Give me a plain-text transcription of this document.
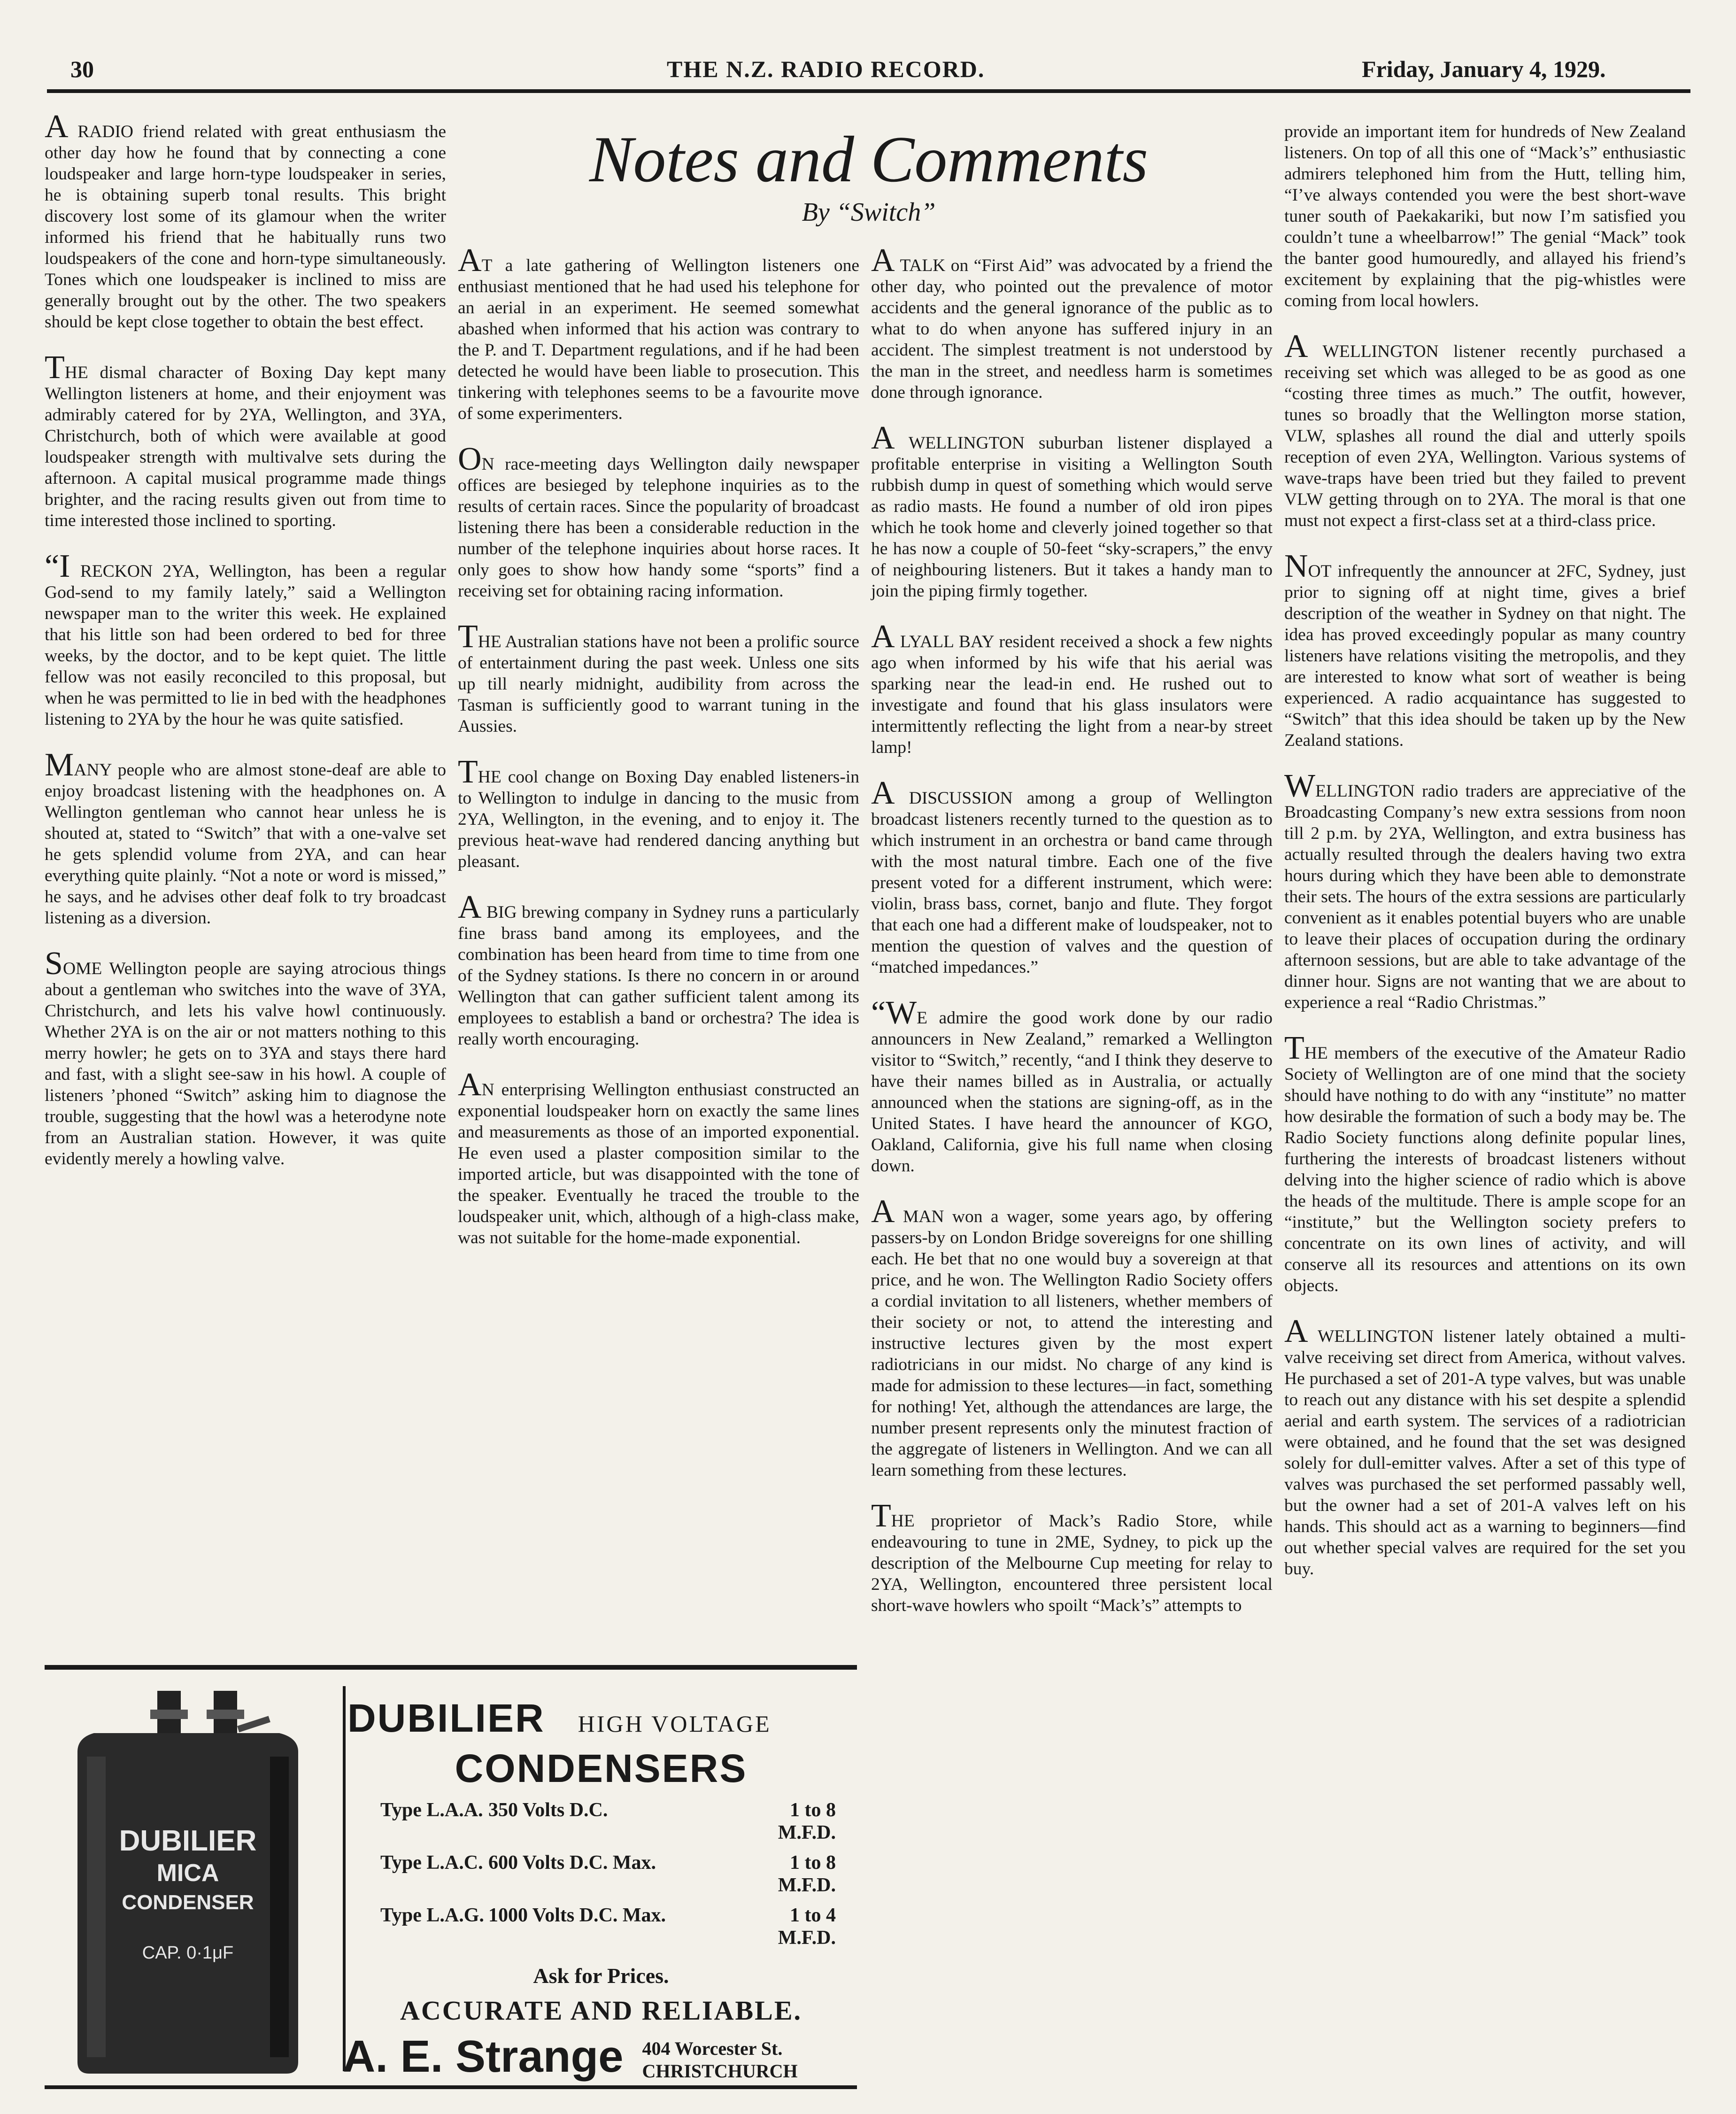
30	THE N.Z. RADIO RECORD.	Friday, January 4, 1929.
Notes and Comments
By “Switch”

A RADIO friend related with great enthusiasm the other day how he found that by connecting a cone loudspeaker and large horn-type loudspeaker in series, he is obtaining superb tonal results. This bright discovery lost some of its glamour when the writer informed his friend that he habitually runs two loudspeakers of the cone and horn-type simultaneously. Tones which one loudspeaker is inclined to miss are generally brought out by the other. The two speakers should be kept close together to obtain the best effect.

THE dismal character of Boxing Day kept many Wellington listeners at home, and their enjoyment was admirably catered for by 2YA, Wellington, and 3YA, Christchurch, both of which were available at good loudspeaker strength with multivalve sets during the afternoon. A capital musical programme made things brighter, and the racing results given out from time to time interested those inclined to sporting.

“I RECKON 2YA, Wellington, has been a regular God-send to my family lately,” said a Wellington newspaper man to the writer this week. He explained that his little son had been ordered to bed for three weeks, by the doctor, and to be kept quiet. The little fellow was not easily reconciled to this proposal, but when he was permitted to lie in bed with the headphones listening to 2YA by the hour he was quite satisfied.

MANY people who are almost stone-deaf are able to enjoy broadcast listening with the headphones on. A Wellington gentleman who cannot hear unless he is shouted at, stated to “Switch” that with a one-valve set he gets splendid volume from 2YA, and can hear everything quite plainly. “Not a note or word is missed,” he says, and he advises other deaf folk to try broadcast listening as a diversion.

SOME Wellington people are saying atrocious things about a gentleman who switches into the wave of 3YA, Christchurch, and lets his valve howl continuously. Whether 2YA is on the air or not matters nothing to this merry howler; he gets on to 3YA and stays there hard and fast, with a slight see-saw in his howl. A couple of listeners ’phoned “Switch” asking him to diagnose the trouble, suggesting that the howl was a heterodyne note from an Australian station. However, it was quite evidently merely a howling valve.

AT a late gathering of Wellington listeners one enthusiast mentioned that he had used his telephone for an aerial in an experiment. He seemed somewhat abashed when informed that his action was contrary to the P. and T. Department regulations, and if he had been detected he would have been liable to prosecution. This tinkering with telephones seems to be a favourite move of some experimenters.

ON race-meeting days Wellington daily newspaper offices are besieged by telephone inquiries as to the results of certain races. Since the popularity of broadcast listening there has been a considerable reduction in the number of the telephone inquiries about horse races. It only goes to show how handy some “sports” find a receiving set for obtaining racing information.

THE Australian stations have not been a prolific source of entertainment during the past week. Unless one sits up till nearly midnight, audibility from across the Tasman is sufficiently good to warrant tuning in the Aussies.

THE cool change on Boxing Day enabled listeners-in to Wellington to indulge in dancing to the music from 2YA, Wellington, in the evening, and to enjoy it. The previous heat-wave had rendered dancing anything but pleasant.

A BIG brewing company in Sydney runs a particularly fine brass band among its employees, and the combination has been heard from time to time from one of the Sydney stations. Is there no concern in or around Wellington that can gather sufficient talent among its employees to establish a band or orchestra? The idea is really worth encouraging.

AN enterprising Wellington enthusiast constructed an exponential loudspeaker horn on exactly the same lines and measurements as those of an imported exponential. He even used a plaster composition similar to the imported article, but was disappointed with the tone of the speaker. Eventually he traced the trouble to the loudspeaker unit, which, although of a high-class make, was not suitable for the home-made exponential.

A TALK on “First Aid” was advocated by a friend the other day, who pointed out the prevalence of motor accidents and the general ignorance of the public as to what to do when anyone has suffered injury in an accident. The simplest treatment is not understood by the man in the street, and needless harm is sometimes done through ignorance.

A WELLINGTON suburban listener displayed a profitable enterprise in visiting a Wellington South rubbish dump in quest of something which would serve as radio masts. He found a number of old iron pipes which he took home and cleverly joined together so that he has now a couple of 50-feet “sky-scrapers,” the envy of neighbouring listeners. But it takes a handy man to join the piping firmly together.

A LYALL BAY resident received a shock a few nights ago when informed by his wife that his aerial was sparking near the lead-in end. He rushed out to investigate and found that his glass insulators were intermittently reflecting the light from a near-by street lamp!

A DISCUSSION among a group of Wellington broadcast listeners recently turned to the question as to which instrument in an orchestra or band came through with the most natural timbre. Each one of the five present voted for a different instrument, which were: violin, brass bass, cornet, banjo and flute. They forgot that each one had a different make of loudspeaker, not to mention the question of valves and the question of “matched impedances.”

“WE admire the good work done by our radio announcers in New Zealand,” remarked a Wellington visitor to “Switch,” recently, “and I think they deserve to have their names billed as in Australia, or actually announced when the stations are signing-off, as in the United States. I have heard the announcer of KGO, Oakland, California, give his full name when closing down.

A MAN won a wager, some years ago, by offering passers-by on London Bridge sovereigns for one shilling each. He bet that no one would buy a sovereign at that price, and he won. The Wellington Radio Society offers a cordial invitation to all listeners, whether members of their society or not, to attend the interesting and instructive lectures given by the most expert radiotricians in our midst. No charge of any kind is made for admission to these lectures—in fact, something for nothing! Yet, although the attendances are large, the number present represents only the minutest fraction of the aggregate of listeners in Wellington. And we can all learn something from these lectures.

THE proprietor of Mack’s Radio Store, while endeavouring to tune in 2ME, Sydney, to pick up the description of the Melbourne Cup meeting for relay to 2YA, Wellington, encountered three persistent local short-wave howlers who spoilt “Mack’s” attempts to

provide an important item for hundreds of New Zealand listeners. On top of all this one of “Mack’s” enthusiastic admirers telephoned him from the Hutt, telling him, “I’ve always contended you were the best short-wave tuner south of Paekakariki, but now I’m satisfied you couldn’t tune a wheelbarrow!” The genial “Mack” took the banter good humouredly, and allayed his friend’s excitement by explaining that the pig-whistles were coming from local howlers.

A WELLINGTON listener recently purchased a receiving set which was alleged to be as good as one “costing three times as much.” The outfit, however, tunes so broadly that the Wellington morse station, VLW, splashes all round the dial and utterly spoils reception of even 2YA, Wellington. Various systems of wave-traps have been tried but they failed to prevent VLW getting through on to 2YA. The moral is that one must not expect a first-class set at a third-class price.

NOT infrequently the announcer at 2FC, Sydney, just prior to signing off at night time, gives a brief description of the weather in Sydney on that night. The idea has proved exceedingly popular as many country listeners have relations visiting the metropolis, and they are interested to know what sort of weather is being experienced. A radio acquaintance has suggested to “Switch” that this idea should be taken up by the New Zealand stations.

WELLINGTON radio traders are appreciative of the Broadcasting Company’s new extra sessions from noon till 2 p.m. by 2YA, Wellington, and extra business has actually resulted through the dealers having two extra hours during which they have been able to demonstrate their sets. The hours of the extra sessions are particularly convenient as it enables potential buyers who are unable to leave their places of occupation during the ordinary afternoon sessions, but are able to take advantage of the dinner hour. Signs are not wanting that we are about to experience a real “Radio Christmas.”

THE members of the executive of the Amateur Radio Society of Wellington are of one mind that the society should have nothing to do with any “institute” no matter how desirable the formation of such a body may be. The Radio Society functions along definite popular lines, furthering the interests of broadcast listeners without delving into the higher science of radio which is above the heads of the multitude. There is ample scope for an “institute,” but the Wellington society prefers to concentrate on its own lines of activity, and will conserve all its resources and attentions on its own objects.

A WELLINGTON listener lately obtained a multi-valve receiving set direct from America, without valves. He purchased a set of 201-A type valves, but was unable to reach out any distance with his set despite a splendid aerial and earth system. The services of a radiotrician were obtained, and he found that the set was designed solely for dull-emitter valves. After a set of this type of valves was purchased the set performed passably well, but the owner had a set of 201-A valves left on his hands. This should act as a warning to beginners—find out whether special valves are required for the set you buy.

DUBILIER
MICA
CONDENSER
CAP. 0·1μF
DUBILIER HIGH VOLTAGE
CONDENSERS
Type L.A.A. 350 Volts D.C.	1 to 8
M.F.D.
Type L.A.C. 600 Volts D.C. Max.	1 to 8
M.F.D.
Type L.A.G. 1000 Volts D.C. Max.	1 to 4
M.F.D.
Ask for Prices.
ACCURATE AND RELIABLE.
A. E. Strange 404 Worcester St.
CHRISTCHURCH
